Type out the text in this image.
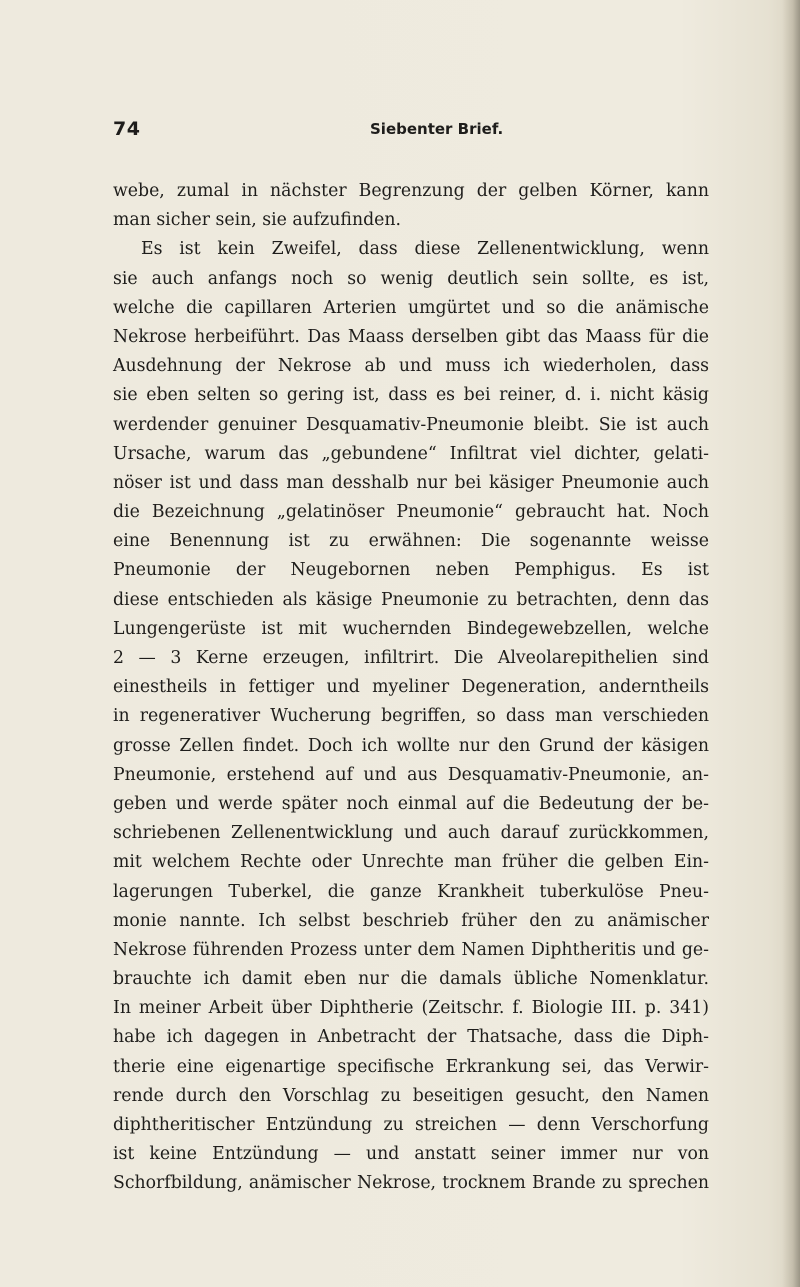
74	Siebenter Brief.
webe, zumal in nächster Begrenzung der gelben Körner, kann
man sicher sein, sie aufzufinden.
Es ist kein Zweifel, dass diese Zellenentwicklung, wenn
sie auch anfangs noch so wenig deutlich sein sollte, es ist,
welche die capillaren Arterien umgürtet und so die anämische
Nekrose herbeiführt. Das Maass derselben gibt das Maass für die
Ausdehnung der Nekrose ab und muss ich wiederholen, dass
sie eben selten so gering ist, dass es bei reiner, d. i. nicht käsig
werdender genuiner Desquamativ-Pneumonie bleibt. Sie ist auch
Ursache, warum das „gebundene“ Infiltrat viel dichter, gelati-
nöser ist und dass man desshalb nur bei käsiger Pneumonie auch
die Bezeichnung „gelatinöser Pneumonie“ gebraucht hat. Noch
eine Benennung ist zu erwähnen: Die sogenannte weisse
Pneumonie der Neugebornen neben Pemphigus. Es ist
diese entschieden als käsige Pneumonie zu betrachten, denn das
Lungengerüste ist mit wuchernden Bindegewebzellen, welche
2 — 3 Kerne erzeugen, infiltrirt. Die Alveolarepithelien sind
einestheils in fettiger und myeliner Degeneration, anderntheils
in regenerativer Wucherung begriffen, so dass man verschieden
grosse Zellen findet. Doch ich wollte nur den Grund der käsigen
Pneumonie, erstehend auf und aus Desquamativ-Pneumonie, an-
geben und werde später noch einmal auf die Bedeutung der be-
schriebenen Zellenentwicklung und auch darauf zurückkommen,
mit welchem Rechte oder Unrechte man früher die gelben Ein-
lagerungen Tuberkel, die ganze Krankheit tuberkulöse Pneu-
monie nannte. Ich selbst beschrieb früher den zu anämischer
Nekrose führenden Prozess unter dem Namen Diphtheritis und ge-
brauchte ich damit eben nur die damals übliche Nomenklatur.
In meiner Arbeit über Diphtherie (Zeitschr. f. Biologie III. p. 341)
habe ich dagegen in Anbetracht der Thatsache, dass die Diph-
therie eine eigenartige specifische Erkrankung sei, das Verwir-
rende durch den Vorschlag zu beseitigen gesucht, den Namen
diphtheritischer Entzündung zu streichen — denn Verschorfung
ist keine Entzündung — und anstatt seiner immer nur von
Schorfbildung, anämischer Nekrose, trocknem Brande zu sprechen
